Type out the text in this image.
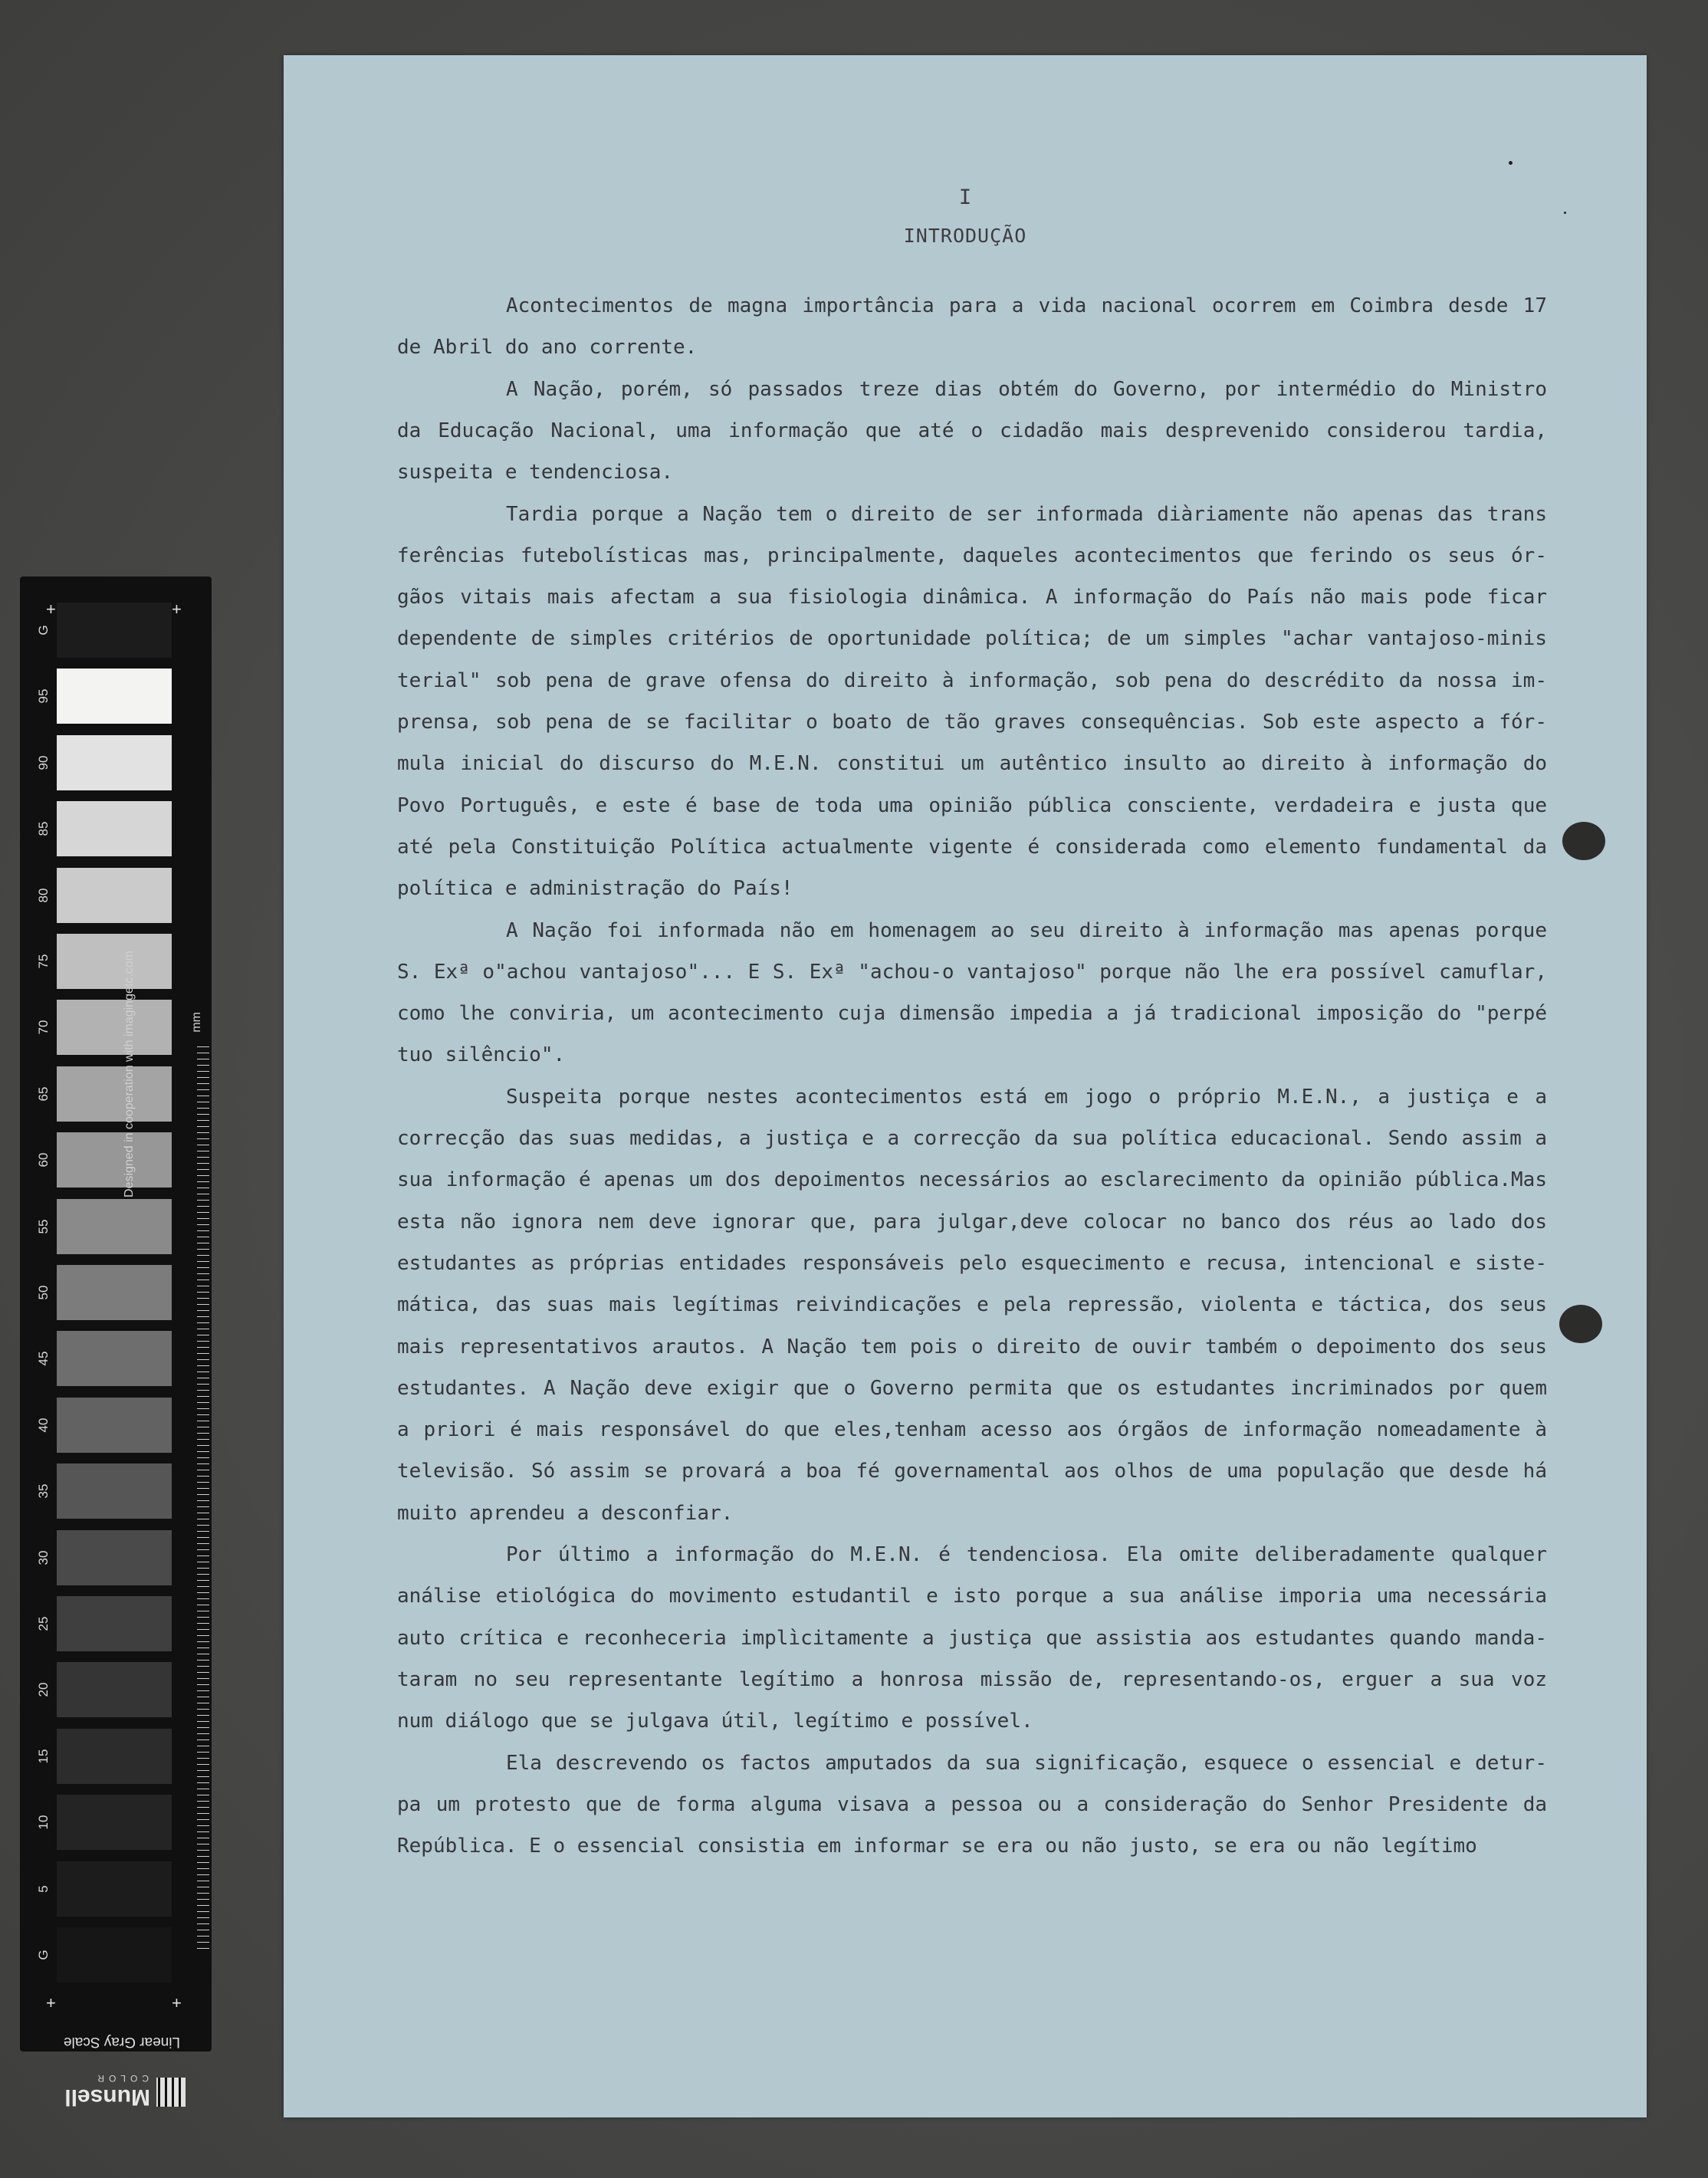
G
95
90
85
80
75
70
65
60
55
50
45
40
35
30
25
20
15
10
5
G
+	+
+	+
Designed in cooperation with imagingetc.com	mm
Linear Gray Scale
Munsell
COLOR
I
INTRODUÇÃO
Acontecimentos de magna importância para a vida nacional ocorrem em Coimbra desde 17
de Abril do ano corrente.
A Nação, porém, só passados treze dias obtém do Governo, por intermédio do Ministro
da Educação Nacional, uma informação que até o cidadão mais desprevenido considerou tardia,
suspeita e tendenciosa.
Tardia porque a Nação tem o direito de ser informada diàriamente não apenas das trans
ferências futebolísticas mas, principalmente, daqueles acontecimentos que ferindo os seus ór-
gãos vitais mais afectam a sua fisiologia dinâmica. A informação do País não mais pode ficar
dependente de simples critérios de oportunidade política; de um simples "achar vantajoso-minis
terial" sob pena de grave ofensa do direito à informação, sob pena do descrédito da nossa im-
prensa, sob pena de se facilitar o boato de tão graves consequências. Sob este aspecto a fór-
mula inicial do discurso do M.E.N. constitui um autêntico insulto ao direito à informação do
Povo Português, e este é base de toda uma opinião pública consciente, verdadeira e justa que
até pela Constituição Política actualmente vigente é considerada como elemento fundamental da
política e administração do País!
A Nação foi informada não em homenagem ao seu direito à informação mas apenas porque
S. Exª o"achou vantajoso"... E S. Exª "achou-o vantajoso" porque não lhe era possível camuflar,
como lhe conviria, um acontecimento cuja dimensão impedia a já tradicional imposição do "perpé
tuo silêncio".
Suspeita porque nestes acontecimentos está em jogo o próprio M.E.N., a justiça e a
correcção das suas medidas, a justiça e a correcção da sua política educacional. Sendo assim a
sua informação é apenas um dos depoimentos necessários ao esclarecimento da opinião pública.Mas
esta não ignora nem deve ignorar que, para julgar,deve colocar no banco dos réus ao lado dos
estudantes as próprias entidades responsáveis pelo esquecimento e recusa, intencional e siste-
mática, das suas mais legítimas reivindicações e pela repressão, violenta e táctica, dos seus
mais representativos arautos. A Nação tem pois o direito de ouvir também o depoimento dos seus
estudantes. A Nação deve exigir que o Governo permita que os estudantes incriminados por quem
a priori é mais responsável do que eles,tenham acesso aos órgãos de informação nomeadamente à
televisão. Só assim se provará a boa fé governamental aos olhos de uma população que desde há
muito aprendeu a desconfiar.
Por último a informação do M.E.N. é tendenciosa. Ela omite deliberadamente qualquer
análise etiológica do movimento estudantil e isto porque a sua análise imporia uma necessária
auto crítica e reconheceria implìcitamente a justiça que assistia aos estudantes quando manda-
taram no seu representante legítimo a honrosa missão de, representando-os, erguer a sua voz
num diálogo que se julgava útil, legítimo e possível.
Ela descrevendo os factos amputados da sua significação, esquece o essencial e detur-
pa um protesto que de forma alguma visava a pessoa ou a consideração do Senhor Presidente da
República. E o essencial consistia em informar se era ou não justo, se era ou não legítimo
